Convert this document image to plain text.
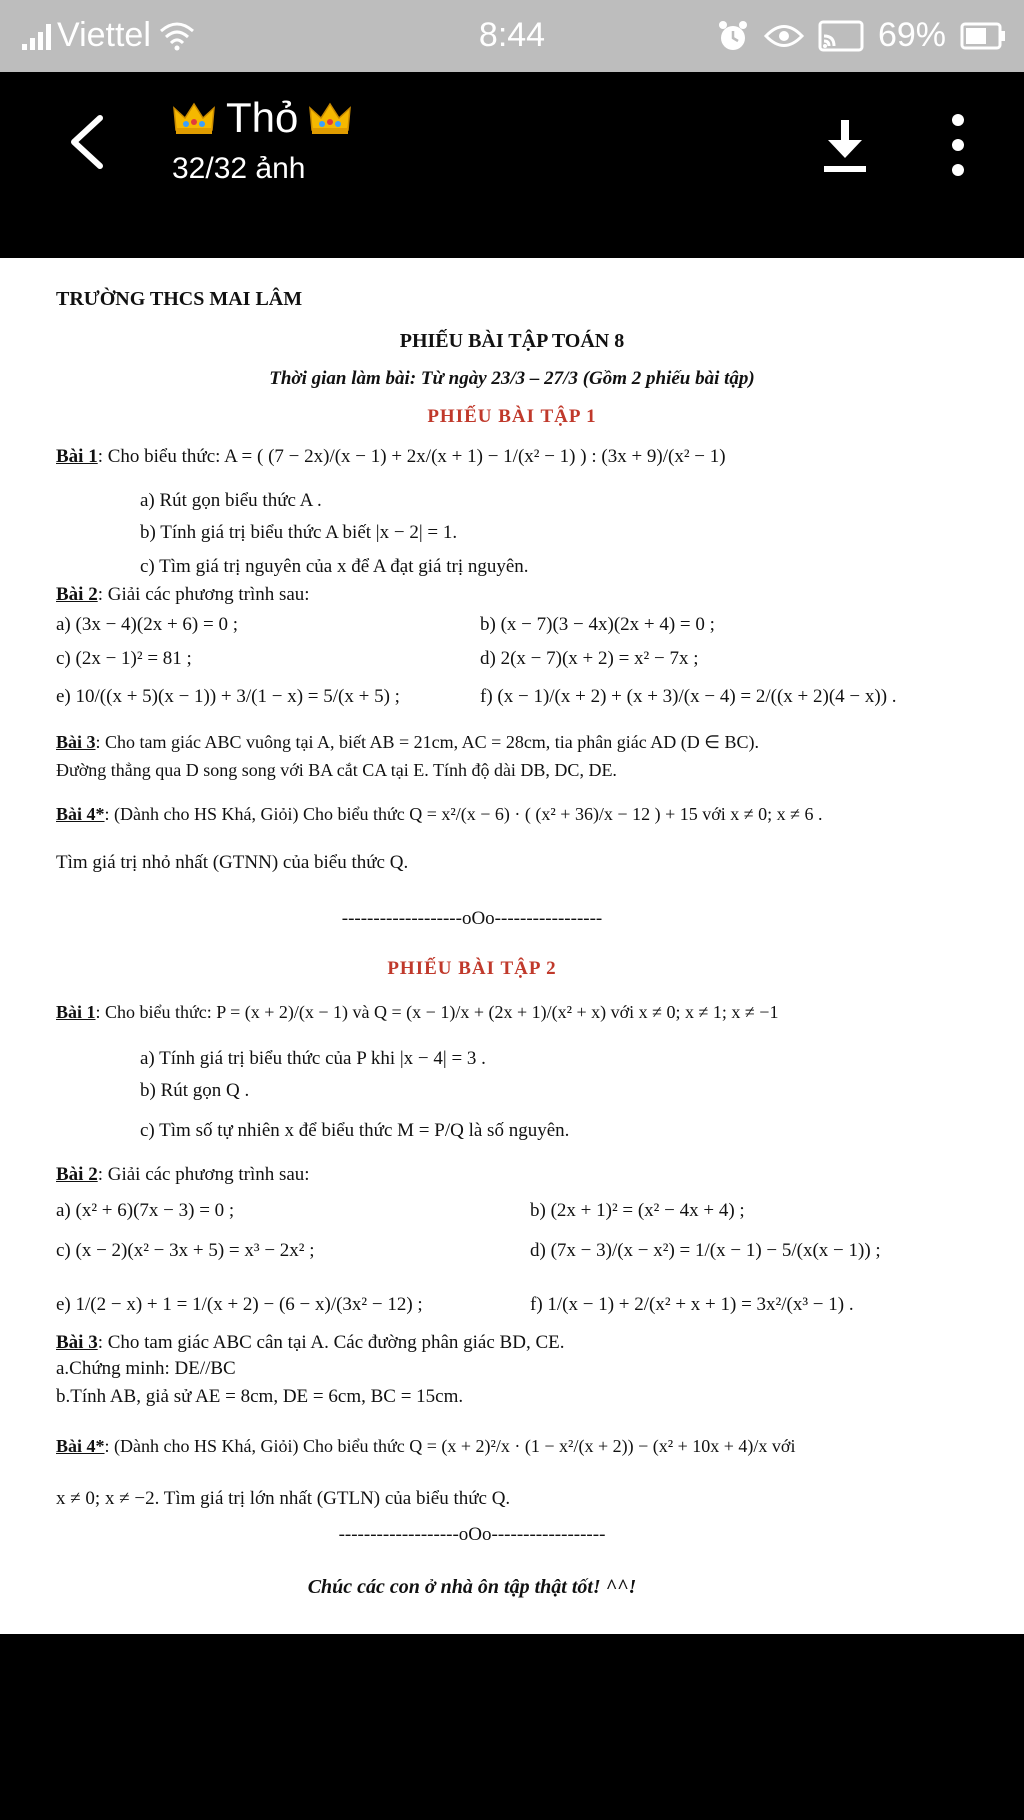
Viettel	8:44	69%
Thỏ
32/32 ảnh
TRƯỜNG THCS MAI LÂM
PHIẾU BÀI TẬP TOÁN 8
Thời gian làm bài: Từ ngày 23/3 – 27/3 (Gồm 2 phiếu bài tập)
PHIẾU BÀI TẬP 1
Bài 1: Cho biểu thức: A = ( (7 − 2x)/(x − 1) + 2x/(x + 1) − 1/(x² − 1) ) : (3x + 9)/(x² − 1)
a) Rút gọn biểu thức A .
b) Tính giá trị biểu thức A biết |x − 2| = 1.
c) Tìm giá trị nguyên của x để A đạt giá trị nguyên.
Bài 2: Giải các phương trình sau:
a) (3x − 4)(2x + 6) = 0 ;	b) (x − 7)(3 − 4x)(2x + 4) = 0 ;
c) (2x − 1)² = 81 ;	d) 2(x − 7)(x + 2) = x² − 7x ;
e) 10/((x + 5)(x − 1)) + 3/(1 − x) = 5/(x + 5) ;	f) (x − 1)/(x + 2) + (x + 3)/(x − 4) = 2/((x + 2)(4 − x)) .
Bài 3: Cho tam giác ABC vuông tại A, biết AB = 21cm, AC = 28cm, tia phân giác AD (D ∈ BC).
Đường thẳng qua D song song với BA cắt CA tại E. Tính độ dài DB, DC, DE.
Bài 4*: (Dành cho HS Khá, Giỏi) Cho biểu thức Q = x²/(x − 6) · ( (x² + 36)/x − 12 ) + 15 với x ≠ 0; x ≠ 6 .
Tìm giá trị nhỏ nhất (GTNN) của biểu thức Q.
-------------------oOo-----------------
PHIẾU BÀI TẬP 2
Bài 1: Cho biểu thức: P = (x + 2)/(x − 1) và Q = (x − 1)/x + (2x + 1)/(x² + x) với x ≠ 0; x ≠ 1; x ≠ −1
a) Tính giá trị biểu thức của P khi |x − 4| = 3 .
b) Rút gọn Q .
c) Tìm số tự nhiên x để biểu thức M = P/Q là số nguyên.
Bài 2: Giải các phương trình sau:
a) (x² + 6)(7x − 3) = 0 ;	b) (2x + 1)² = (x² − 4x + 4) ;
c) (x − 2)(x² − 3x + 5) = x³ − 2x² ;	d) (7x − 3)/(x − x²) = 1/(x − 1) − 5/(x(x − 1)) ;
e) 1/(2 − x) + 1 = 1/(x + 2) − (6 − x)/(3x² − 12) ;	f) 1/(x − 1) + 2/(x² + x + 1) = 3x²/(x³ − 1) .
Bài 3: Cho tam giác ABC cân tại A. Các đường phân giác BD, CE.
a.Chứng minh: DE//BC
b.Tính AB, giả sử AE = 8cm, DE = 6cm, BC = 15cm.
Bài 4*: (Dành cho HS Khá, Giỏi) Cho biểu thức Q = (x + 2)²/x · (1 − x²/(x + 2)) − (x² + 10x + 4)/x với
x ≠ 0; x ≠ −2. Tìm giá trị lớn nhất (GTLN) của biểu thức Q.
-------------------oOo------------------
Chúc các con ở nhà ôn tập thật tốt! ^^!
